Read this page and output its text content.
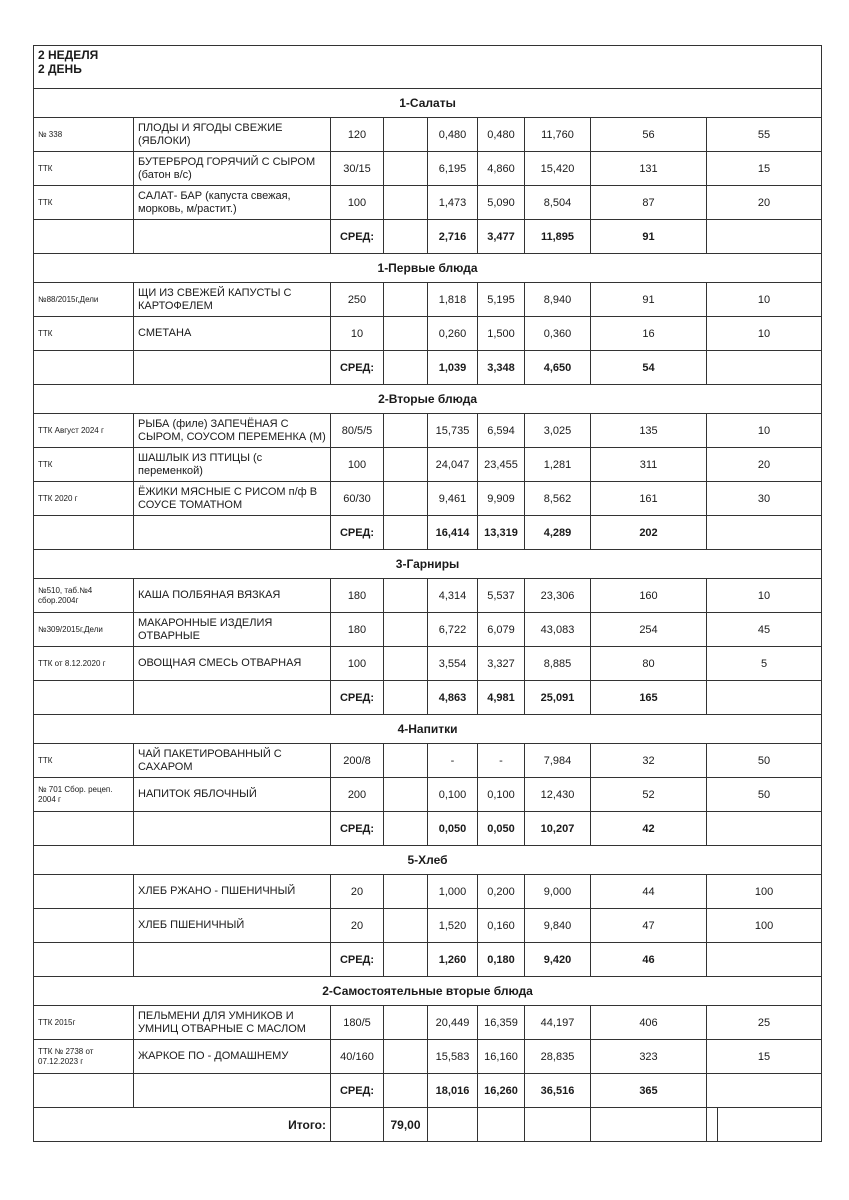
2 НЕДЕЛЯ
2 ДЕНЬ								

1-Салаты								
№ 338	ПЛОДЫ И ЯГОДЫ СВЕЖИЕ (ЯБЛОКИ)	120		0,480	0,480	11,760	56	55
ТТК	БУТЕРБРОД ГОРЯЧИЙ С СЫРОМ (батон в/с)	30/15		6,195	4,860	15,420	131	15
ТТК	САЛАТ- БАР (капуста свежая, морковь, м/растит.)	100		1,473	5,090	8,504	87	20
		СРЕД:		2,716	3,477	11,895	91	
1-Первые блюда								
№88/2015г,Дели	ЩИ ИЗ СВЕЖЕЙ КАПУСТЫ С КАРТОФЕЛЕМ	250		1,818	5,195	8,940	91	10
ТТК	СМЕТАНА	10		0,260	1,500	0,360	16	10
		СРЕД:		1,039	3,348	4,650	54	
2-Вторые блюда								
ТТК Август 2024 г	РЫБА (филе) ЗАПЕЧЁНАЯ С СЫРОМ, СОУСОМ ПЕРЕМЕНКА (М)	80/5/5		15,735	6,594	3,025	135	10
ТТК	ШАШЛЫК ИЗ ПТИЦЫ (с переменкой)	100		24,047	23,455	1,281	311	20
ТТК 2020 г	ЁЖИКИ МЯСНЫЕ С РИСОМ п/ф В СОУСЕ ТОМАТНОМ	60/30		9,461	9,909	8,562	161	30
		СРЕД:		16,414	13,319	4,289	202	
3-Гарниры								
№510, таб.№4 сбор.2004г	КАША ПОЛБЯНАЯ ВЯЗКАЯ	180		4,314	5,537	23,306	160	10
№309/2015г,Дели	МАКАРОННЫЕ ИЗДЕЛИЯ ОТВАРНЫЕ	180		6,722	6,079	43,083	254	45
ТТК от 8.12.2020 г	ОВОЩНАЯ СМЕСЬ ОТВАРНАЯ	100		3,554	3,327	8,885	80	5
		СРЕД:		4,863	4,981	25,091	165	
4-Напитки								
ТТК	ЧАЙ ПАКЕТИРОВАННЫЙ С САХАРОМ	200/8		-	-	7,984	32	50
№ 701 Сбор. рецеп. 2004 г	НАПИТОК ЯБЛОЧНЫЙ	200		0,100	0,100	12,430	52	50
		СРЕД:		0,050	0,050	10,207	42	
5-Хлеб								
	ХЛЕБ РЖАНО - ПШЕНИЧНЫЙ	20		1,000	0,200	9,000	44	100
	ХЛЕБ ПШЕНИЧНЫЙ	20		1,520	0,160	9,840	47	100
		СРЕД:		1,260	0,180	9,420	46	
2-Самостоятельные вторые блюда								
ТТК 2015г	ПЕЛЬМЕНИ ДЛЯ УМНИКОВ И УМНИЦ ОТВАРНЫЕ С МАСЛОМ	180/5		20,449	16,359	44,197	406	25
ТТК № 2738 от 07.12.2023 г	ЖАРКОЕ ПО - ДОМАШНЕМУ	40/160		15,583	16,160	28,835	323	15
		СРЕД:		18,016	16,260	36,516	365	
Итого:			79,00					
